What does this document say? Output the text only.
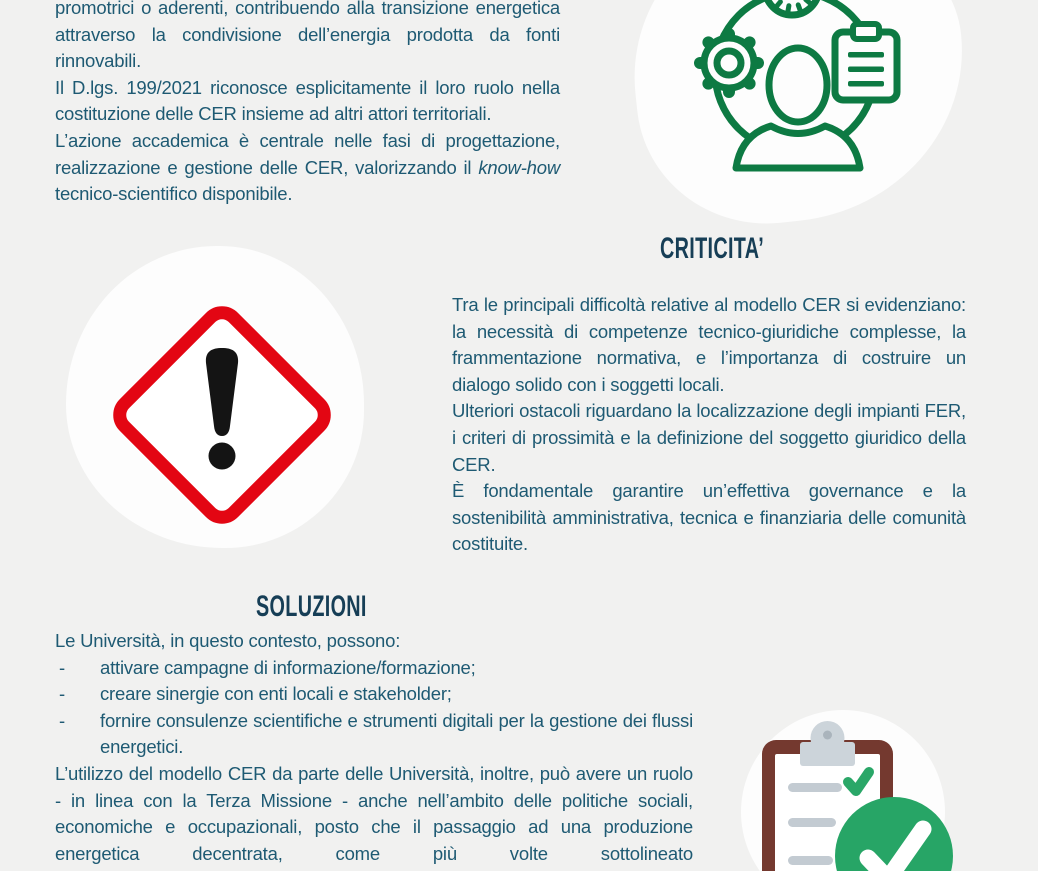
promotrici o aderenti, contribuendo alla transizione energetica attraverso la condivisione dell’energia prodotta da fonti rinnovabili.

Il D.lgs. 199/2021 riconosce esplicitamente il loro ruolo nella costituzione delle CER insieme ad altri attori territoriali.

L’azione accademica è centrale nelle fasi di progettazione, realizzazione e gestione delle CER, valorizzando il know-how tecnico-scientifico disponibile.

CRITICITA’

Tra le principali difficoltà relative al modello CER si evidenziano: la necessità di competenze tecnico-giuridiche complesse, la frammentazione normativa, e l’importanza di costruire un dialogo solido con i soggetti locali.

Ulteriori ostacoli riguardano la localizzazione degli impianti FER, i criteri di prossimità e la definizione del soggetto giuridico della CER.

È fondamentale garantire un’effettiva governance e la sostenibilità amministrativa, tecnica e finanziaria delle comunità costituite.

SOLUZIONI

Le Università, in questo contesto, possono:

- attivare campagne di informazione/formazione;
- creare sinergie con enti locali e stakeholder;
- fornire consulenze scientifiche e strumenti digitali per la gestione dei flussi energetici.

L’utilizzo del modello CER da parte delle Università, inoltre, può avere un ruolo - in linea con la Terza Missione - anche nell’ambito delle politiche sociali, economiche e occupazionali, posto che il passaggio ad una produzione energetica decentrata, come più volte sottolineato
